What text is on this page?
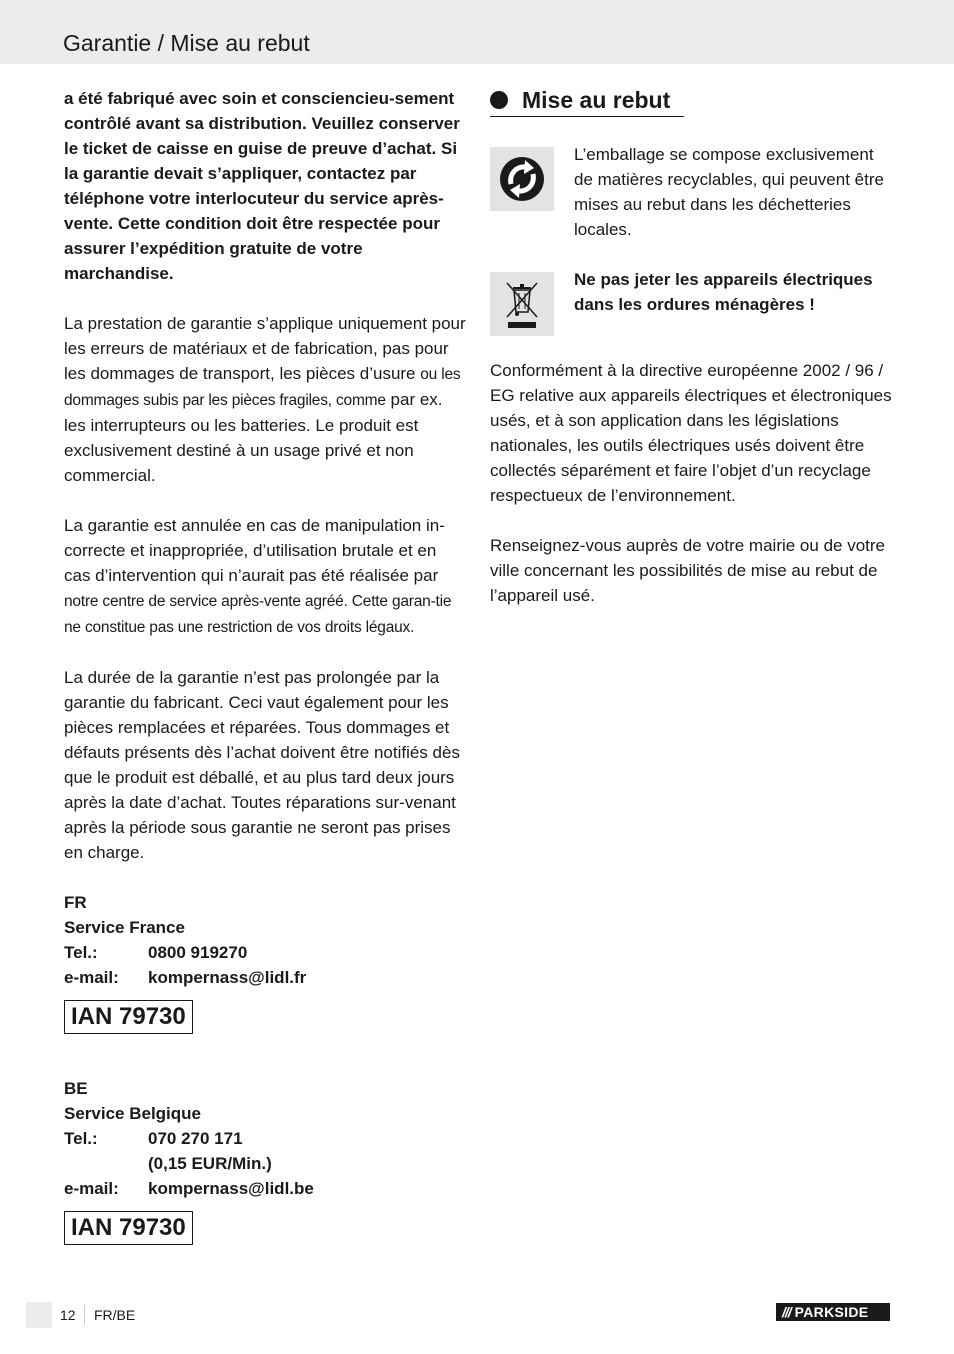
Garantie / Mise au rebut

a été fabriqué avec soin et consciencieu-sement contrôlé avant sa distribution. Veuillez conserver le ticket de caisse en guise de preuve d’achat. Si la garantie devait s’appliquer, contactez par téléphone votre interlocuteur du service après-vente. Cette condition doit être respectée pour assurer l’expédition gratuite de votre marchandise.

La prestation de garantie s’applique uniquement pour les erreurs de matériaux et de fabrication, pas pour les dommages de transport, les pièces d’usure ou les dommages subis par les pièces fragiles, comme par ex. les interrupteurs ou les batteries. Le produit est exclusivement destiné à un usage privé et non commercial.

La garantie est annulée en cas de manipulation in-correcte et inappropriée, d’utilisation brutale et en cas d’intervention qui n’aurait pas été réalisée par notre centre de service après-vente agréé. Cette garan-tie ne constitue pas une restriction de vos droits légaux.

La durée de la garantie n’est pas prolongée par la garantie du fabricant. Ceci vaut également pour les pièces remplacées et réparées. Tous dommages et défauts présents dès l’achat doivent être notifiés dès que le produit est déballé, et au plus tard deux jours après la date d’achat. Toutes réparations sur-venant après la période sous garantie ne seront pas prises en charge.

FR
Service France
Tel.:	0800 919270
e-mail:	kompernass@lidl.fr
IAN 79730
BE
Service Belgique
Tel.:	070 270 171
(0,15 EUR/Min.)
e-mail:	kompernass@lidl.be
IAN 79730
Mise au rebut

L’emballage se compose exclusivement de matières recyclables, qui peuvent être mises au rebut dans les déchetteries locales.

Ne pas jeter les appareils électriques dans les ordures ménagères !

Conformément à la directive européenne 2002 / 96 / EG relative aux appareils électriques et électroniques usés, et à son application dans les législations nationales, les outils électriques usés doivent être collectés séparément et faire l’objet d’un recyclage respectueux de l’environnement.

Renseignez-vous auprès de votre mairie ou de votre ville concernant les possibilités de mise au rebut de l’appareil usé.

12 FR/BE	/// PARKSIDE
